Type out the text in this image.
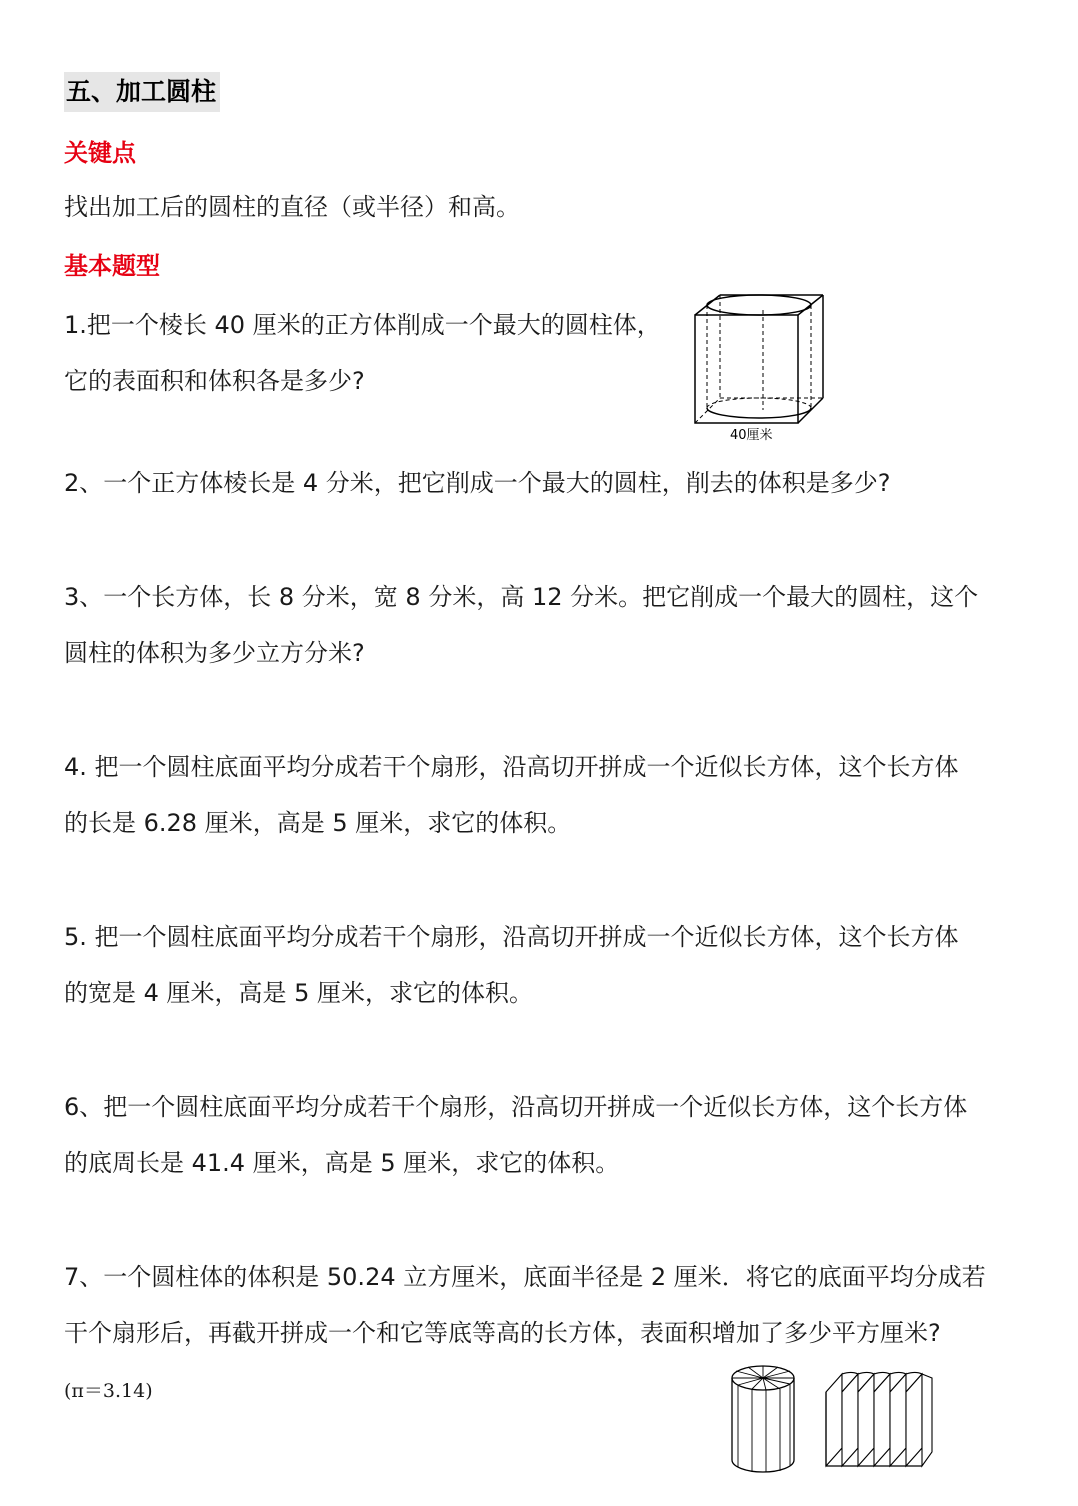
五、加工圆柱
关键点
找出加工后的圆柱的直径（或半径）和高。
基本题型
1.把一个棱长 40 厘米的正方体削成一个最大的圆柱体，
它的表面积和体积各是多少?
40厘米
2、一个正方体棱长是 4 分米，把它削成一个最大的圆柱，削去的体积是多少?
3、一个长方体，长 8 分米，宽 8 分米，高 12 分米。把它削成一个最大的圆柱，这个
圆柱的体积为多少立方分米?
4. 把一个圆柱底面平均分成若干个扇形，沿高切开拼成一个近似长方体，这个长方体
的长是 6.28 厘米，高是 5 厘米，求它的体积。
5. 把一个圆柱底面平均分成若干个扇形，沿高切开拼成一个近似长方体，这个长方体
的宽是 4 厘米，高是 5 厘米，求它的体积。
6、把一个圆柱底面平均分成若干个扇形，沿高切开拼成一个近似长方体，这个长方体
的底周长是 41.4 厘米，高是 5 厘米，求它的体积。
7、一个圆柱体的体积是 50.24 立方厘米，底面半径是 2 厘米．将它的底面平均分成若
干个扇形后，再截开拼成一个和它等底等高的长方体，表面积增加了多少平方厘米?
(π＝3.14)
